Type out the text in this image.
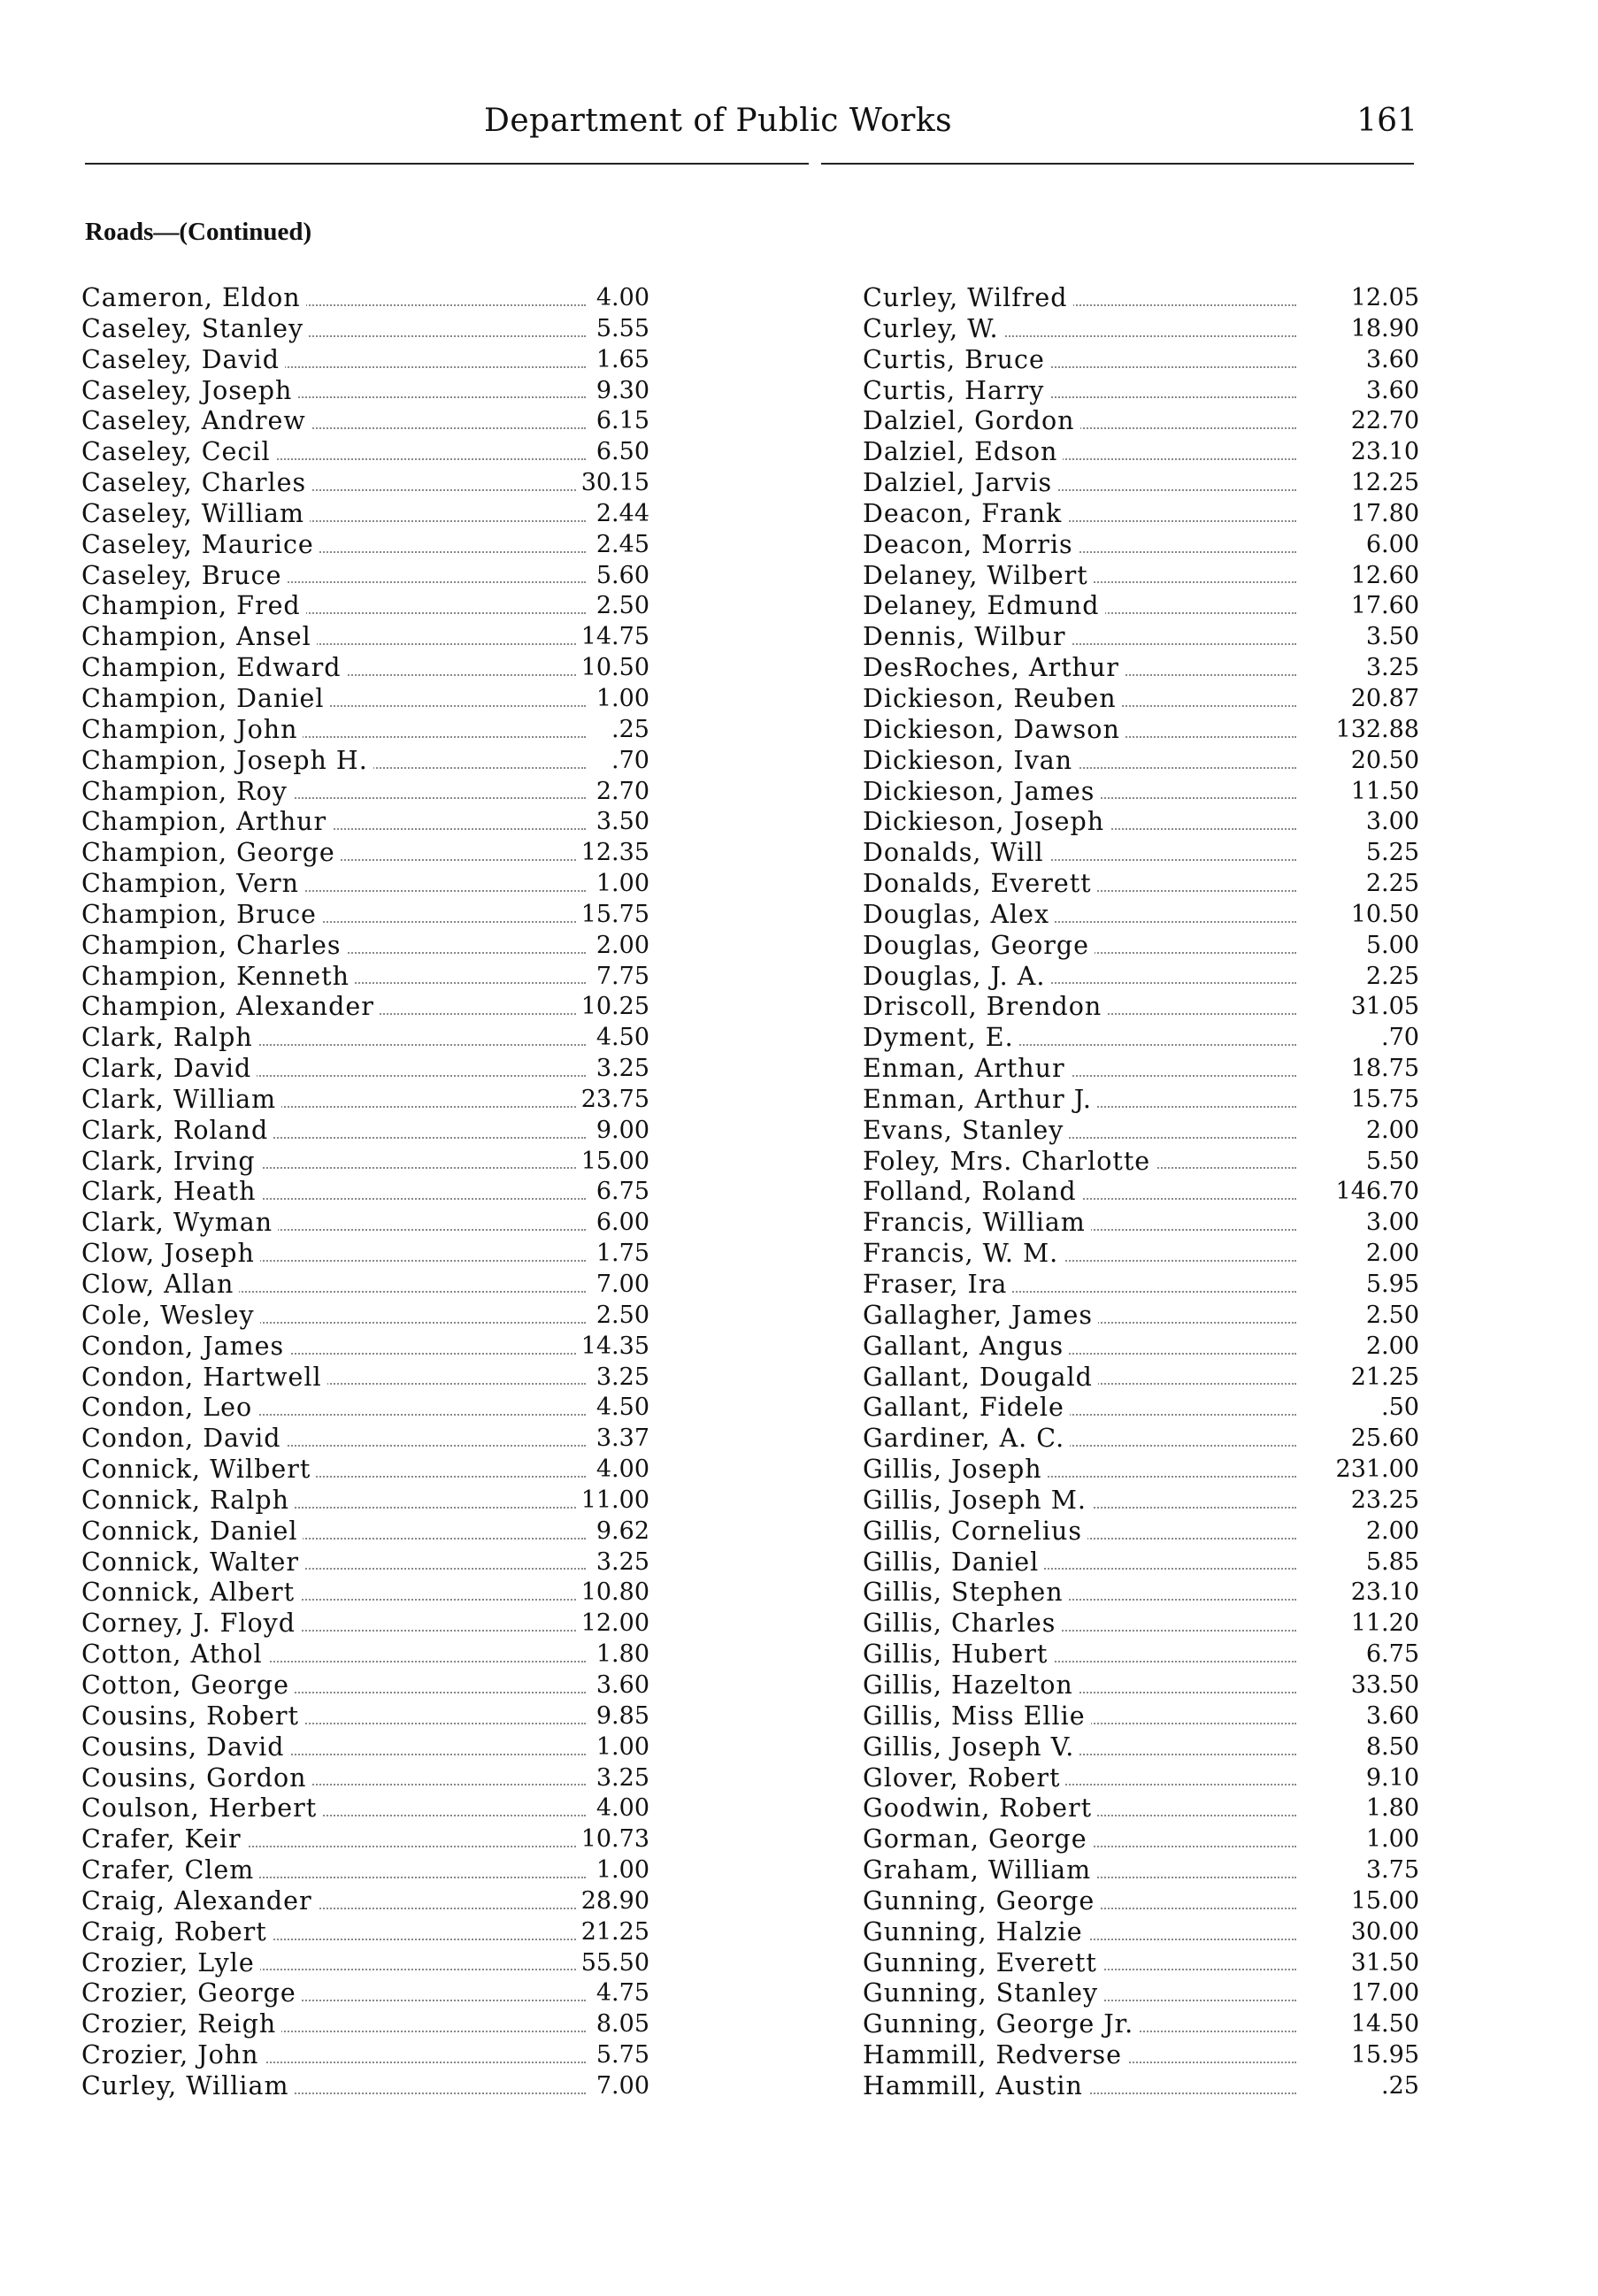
Department of Public Works	161
Roads—(Continued)
Cameron, Eldon	4.00
Caseley, Stanley	5.55
Caseley, David	1.65
Caseley, Joseph	9.30
Caseley, Andrew	6.15
Caseley, Cecil	6.50
Caseley, Charles	30.15
Caseley, William	2.44
Caseley, Maurice	2.45
Caseley, Bruce	5.60
Champion, Fred	2.50
Champion, Ansel	14.75
Champion, Edward	10.50
Champion, Daniel	1.00
Champion, John	.25
Champion, Joseph H.	.70
Champion, Roy	2.70
Champion, Arthur	3.50
Champion, George	12.35
Champion, Vern	1.00
Champion, Bruce	15.75
Champion, Charles	2.00
Champion, Kenneth	7.75
Champion, Alexander	10.25
Clark, Ralph	4.50
Clark, David	3.25
Clark, William	23.75
Clark, Roland	9.00
Clark, Irving	15.00
Clark, Heath	6.75
Clark, Wyman	6.00
Clow, Joseph	1.75
Clow, Allan	7.00
Cole, Wesley	2.50
Condon, James	14.35
Condon, Hartwell	3.25
Condon, Leo	4.50
Condon, David	3.37
Connick, Wilbert	4.00
Connick, Ralph	11.00
Connick, Daniel	9.62
Connick, Walter	3.25
Connick, Albert	10.80
Corney, J. Floyd	12.00
Cotton, Athol	1.80
Cotton, George	3.60
Cousins, Robert	9.85
Cousins, David	1.00
Cousins, Gordon	3.25
Coulson, Herbert	4.00
Crafer, Keir	10.73
Crafer, Clem	1.00
Craig, Alexander	28.90
Craig, Robert	21.25
Crozier, Lyle	55.50
Crozier, George	4.75
Crozier, Reigh	8.05
Crozier, John	5.75
Curley, William	7.00
Curley, Wilfred	12.05
Curley, W.	18.90
Curtis, Bruce	3.60
Curtis, Harry	3.60
Dalziel, Gordon	22.70
Dalziel, Edson	23.10
Dalziel, Jarvis	12.25
Deacon, Frank	17.80
Deacon, Morris	6.00
Delaney, Wilbert	12.60
Delaney, Edmund	17.60
Dennis, Wilbur	3.50
DesRoches, Arthur	3.25
Dickieson, Reuben	20.87
Dickieson, Dawson	132.88
Dickieson, Ivan	20.50
Dickieson, James	11.50
Dickieson, Joseph	3.00
Donalds, Will	5.25
Donalds, Everett	2.25
Douglas, Alex	10.50
Douglas, George	5.00
Douglas, J. A.	2.25
Driscoll, Brendon	31.05
Dyment, E.	.70
Enman, Arthur	18.75
Enman, Arthur J.	15.75
Evans, Stanley	2.00
Foley, Mrs. Charlotte	5.50
Folland, Roland	146.70
Francis, William	3.00
Francis, W. M.	2.00
Fraser, Ira	5.95
Gallagher, James	2.50
Gallant, Angus	2.00
Gallant, Dougald	21.25
Gallant, Fidele	.50
Gardiner, A. C.	25.60
Gillis, Joseph	231.00
Gillis, Joseph M.	23.25
Gillis, Cornelius	2.00
Gillis, Daniel	5.85
Gillis, Stephen	23.10
Gillis, Charles	11.20
Gillis, Hubert	6.75
Gillis, Hazelton	33.50
Gillis, Miss Ellie	3.60
Gillis, Joseph V.	8.50
Glover, Robert	9.10
Goodwin, Robert	1.80
Gorman, George	1.00
Graham, William	3.75
Gunning, George	15.00
Gunning, Halzie	30.00
Gunning, Everett	31.50
Gunning, Stanley	17.00
Gunning, George Jr.	14.50
Hammill, Redverse	15.95
Hammill, Austin	.25
